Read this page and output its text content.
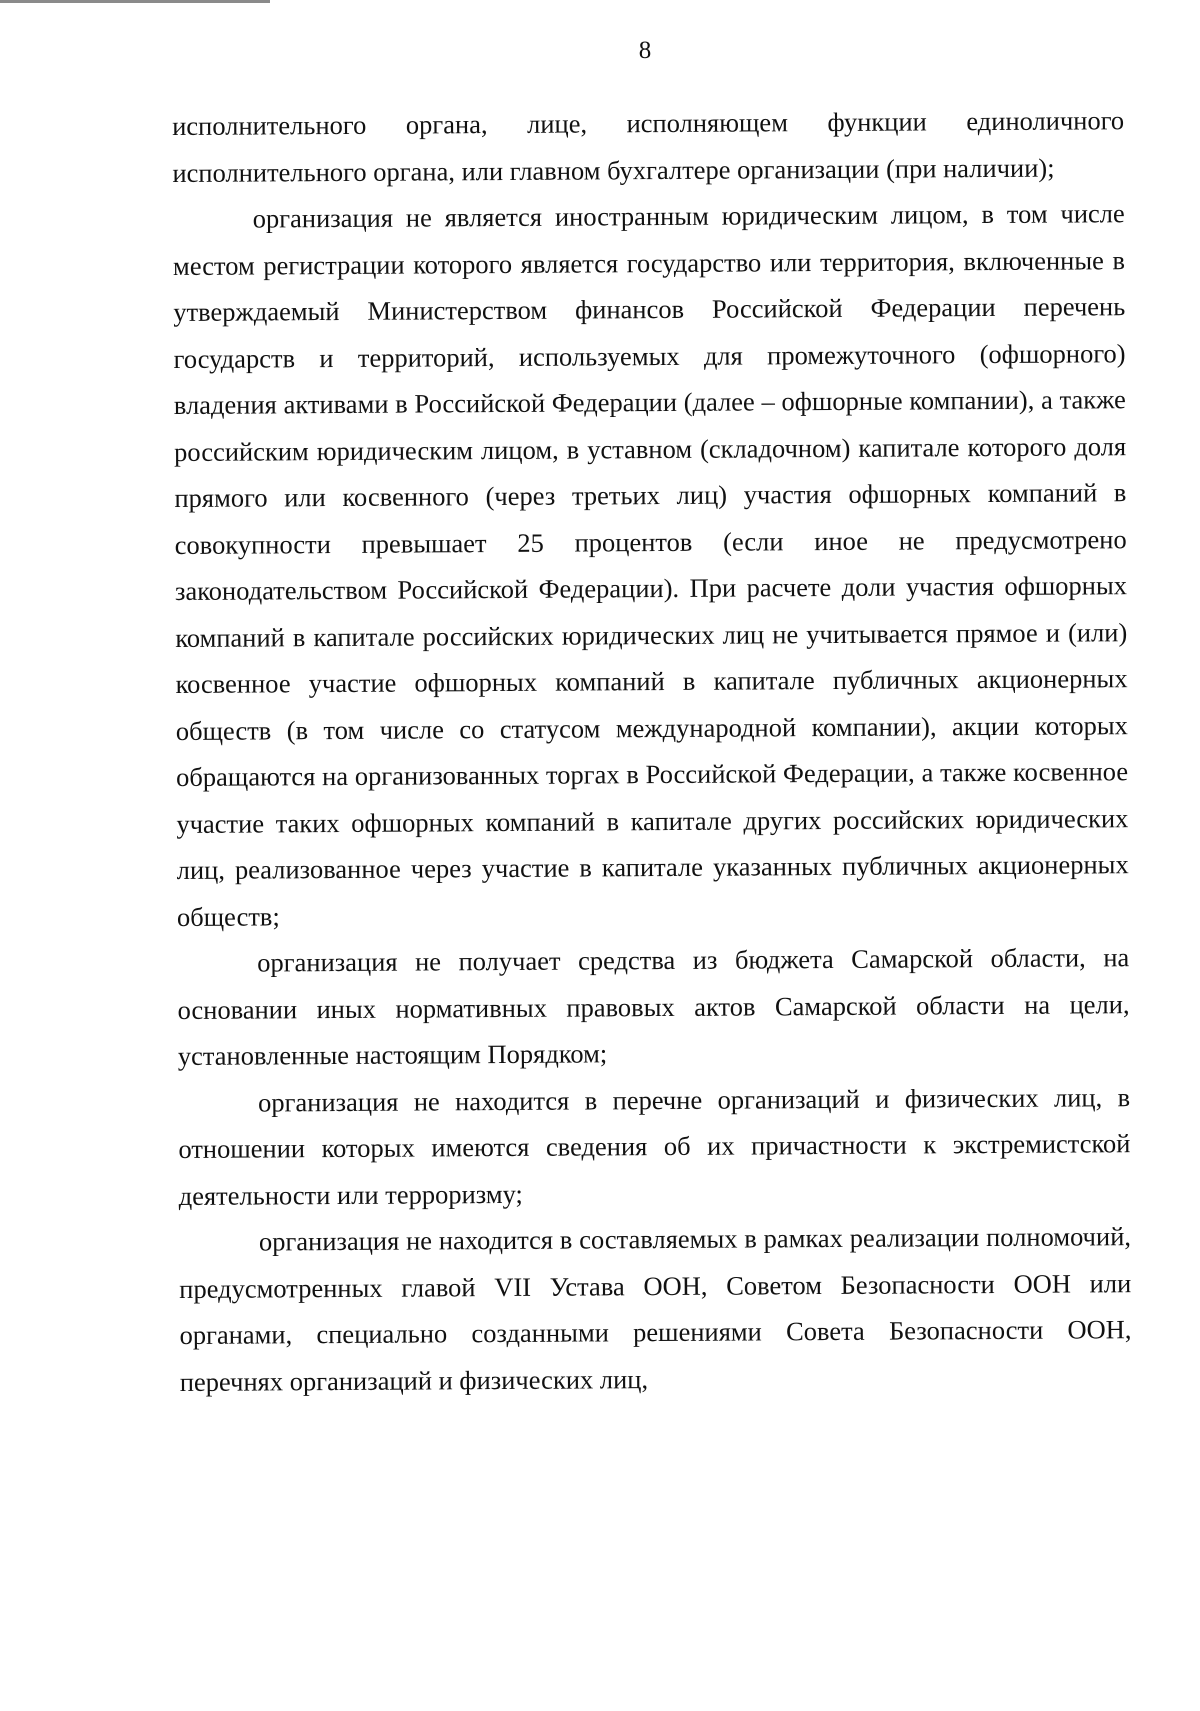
8

исполнительного органа, лице, исполняющем функции единоличного исполнительного органа, или главном бухгалтере организации (при наличии);

организация не является иностранным юридическим лицом, в том числе местом регистрации которого является государство или территория, включенные в утверждаемый Министерством финансов Российской Федерации перечень государств и территорий, используемых для промежуточного (офшорного) владения активами в Российской Федерации (далее – офшорные компании), а также российским юридическим лицом, в уставном (складочном) капитале которого доля прямого или косвенного (через третьих лиц) участия офшорных компаний в совокупности превышает 25 процентов (если иное не предусмотрено законодательством Российской Федерации). При расчете доли участия офшорных компаний в капитале российских юридических лиц не учитывается прямое и (или) косвенное участие офшорных компаний в капитале публичных акционерных обществ (в том числе со статусом международной компании), акции которых обращаются на организованных торгах в Российской Федерации, а также косвенное участие таких офшорных компаний в капитале других российских юридических лиц, реализованное через участие в капитале указанных публичных акционерных обществ;

организация не получает средства из бюджета Самарской области, на основании иных нормативных правовых актов Самарской области на цели, установленные настоящим Порядком;

организация не находится в перечне организаций и физических лиц, в отношении которых имеются сведения об их причастности к экстремистской деятельности или терроризму;

организация не находится в составляемых в рамках реализации полномочий, предусмотренных главой VII Устава ООН, Советом Безопасности ООН или органами, специально созданными решениями Совета Безопасности ООН, перечнях организаций и физических лиц,
